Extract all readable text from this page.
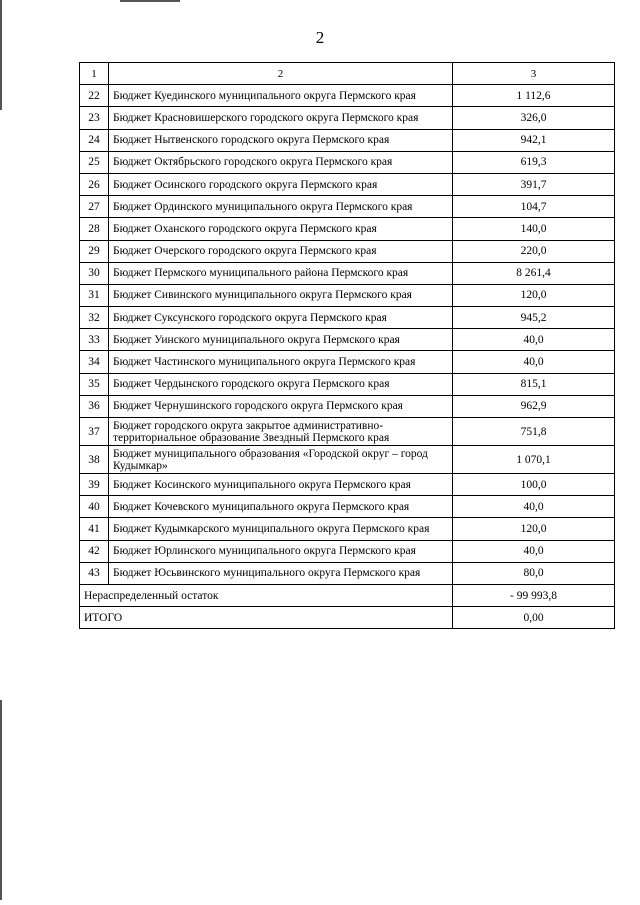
2
1	2	3
22	Бюджет Куединского муниципального округа Пермского края	1 112,6
23	Бюджет Красновишерского городского округа Пермского края	326,0
24	Бюджет Нытвенского городского округа Пермского края	942,1
25	Бюджет Октябрьского городского округа Пермского края	619,3
26	Бюджет Осинского городского округа Пермского края	391,7
27	Бюджет Ординского муниципального округа Пермского края	104,7
28	Бюджет Оханского городского округа Пермского края	140,0
29	Бюджет Очерского городского округа Пермского края	220,0
30	Бюджет Пермского муниципального района Пермского края	8 261,4
31	Бюджет Сивинского муниципального округа Пермского края	120,0
32	Бюджет Суксунского городского округа Пермского края	945,2
33	Бюджет Уинского муниципального округа Пермского края	40,0
34	Бюджет Частинского муниципального округа Пермского края	40,0
35	Бюджет Чердынского городского округа Пермского края	815,1
36	Бюджет Чернушинского городского округа Пермского края	962,9
37	Бюджет городского округа закрытое административно-территориальное образование Звездный Пермского края	751,8
38	Бюджет муниципального образования «Городской округ – город Кудымкар»	1 070,1
39	Бюджет Косинского муниципального округа Пермского края	100,0
40	Бюджет Кочевского муниципального округа Пермского края	40,0
41	Бюджет Кудымкарского муниципального округа Пермского края	120,0
42	Бюджет Юрлинского муниципального округа Пермского края	40,0
43	Бюджет Юсьвинского муниципального округа Пермского края	80,0
Нераспределенный остаток		- 99 993,8
ИТОГО		0,00
